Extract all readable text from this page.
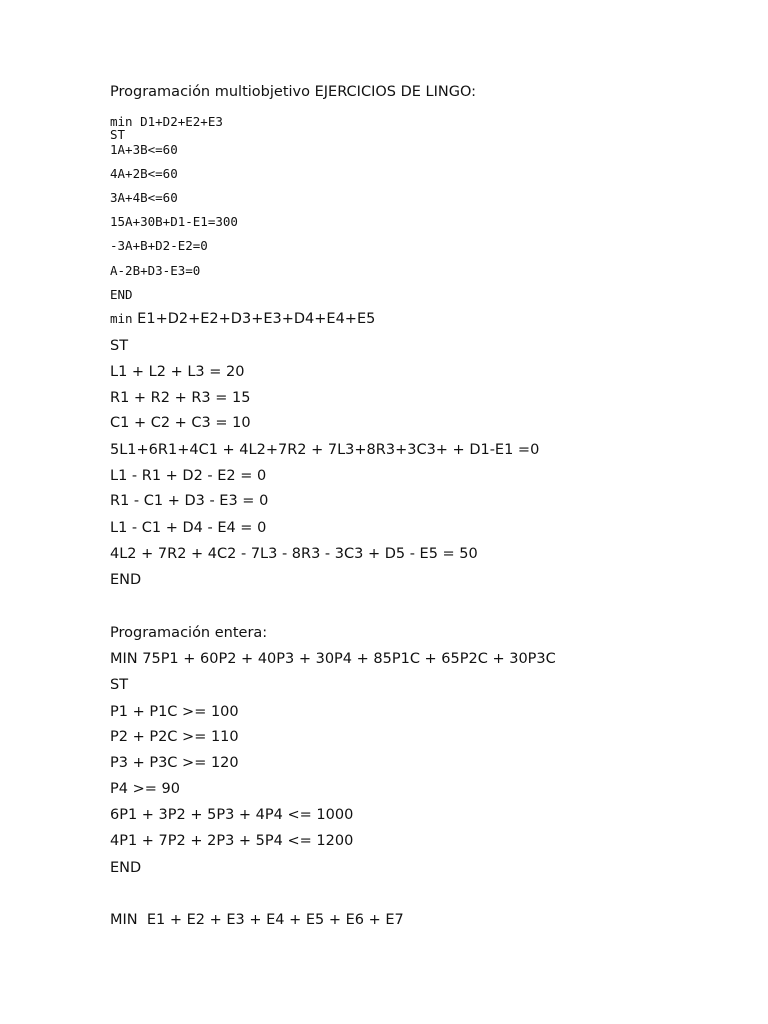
Programación multiobjetivo EJERCICIOS DE LINGO:
min D1+D2+E2+E3
ST
1A+3B<=60
4A+2B<=60
3A+4B<=60
15A+30B+D1-E1=300
-3A+B+D2-E2=0
A-2B+D3-E3=0
END
min E1+D2+E2+D3+E3+D4+E4+E5
ST
L1 + L2 + L3 = 20
R1 + R2 + R3 = 15
C1 + C2 + C3 = 10
5L1+6R1+4C1 + 4L2+7R2 + 7L3+8R3+3C3+ + D1-E1 =0
L1 - R1 + D2 - E2 = 0
R1 - C1 + D3 - E3 = 0
L1 - C1 + D4 - E4 = 0
4L2 + 7R2 + 4C2 - 7L3 - 8R3 - 3C3 + D5 - E5 = 50
END
Programación entera:
MIN 75P1 + 60P2 + 40P3 + 30P4 + 85P1C + 65P2C + 30P3C
ST
P1 + P1C >= 100
P2 + P2C >= 110
P3 + P3C >= 120
P4 >= 90
6P1 + 3P2 + 5P3 + 4P4 <= 1000
4P1 + 7P2 + 2P3 + 5P4 <= 1200
END
MIN  E1 + E2 + E3 + E4 + E5 + E6 + E7
